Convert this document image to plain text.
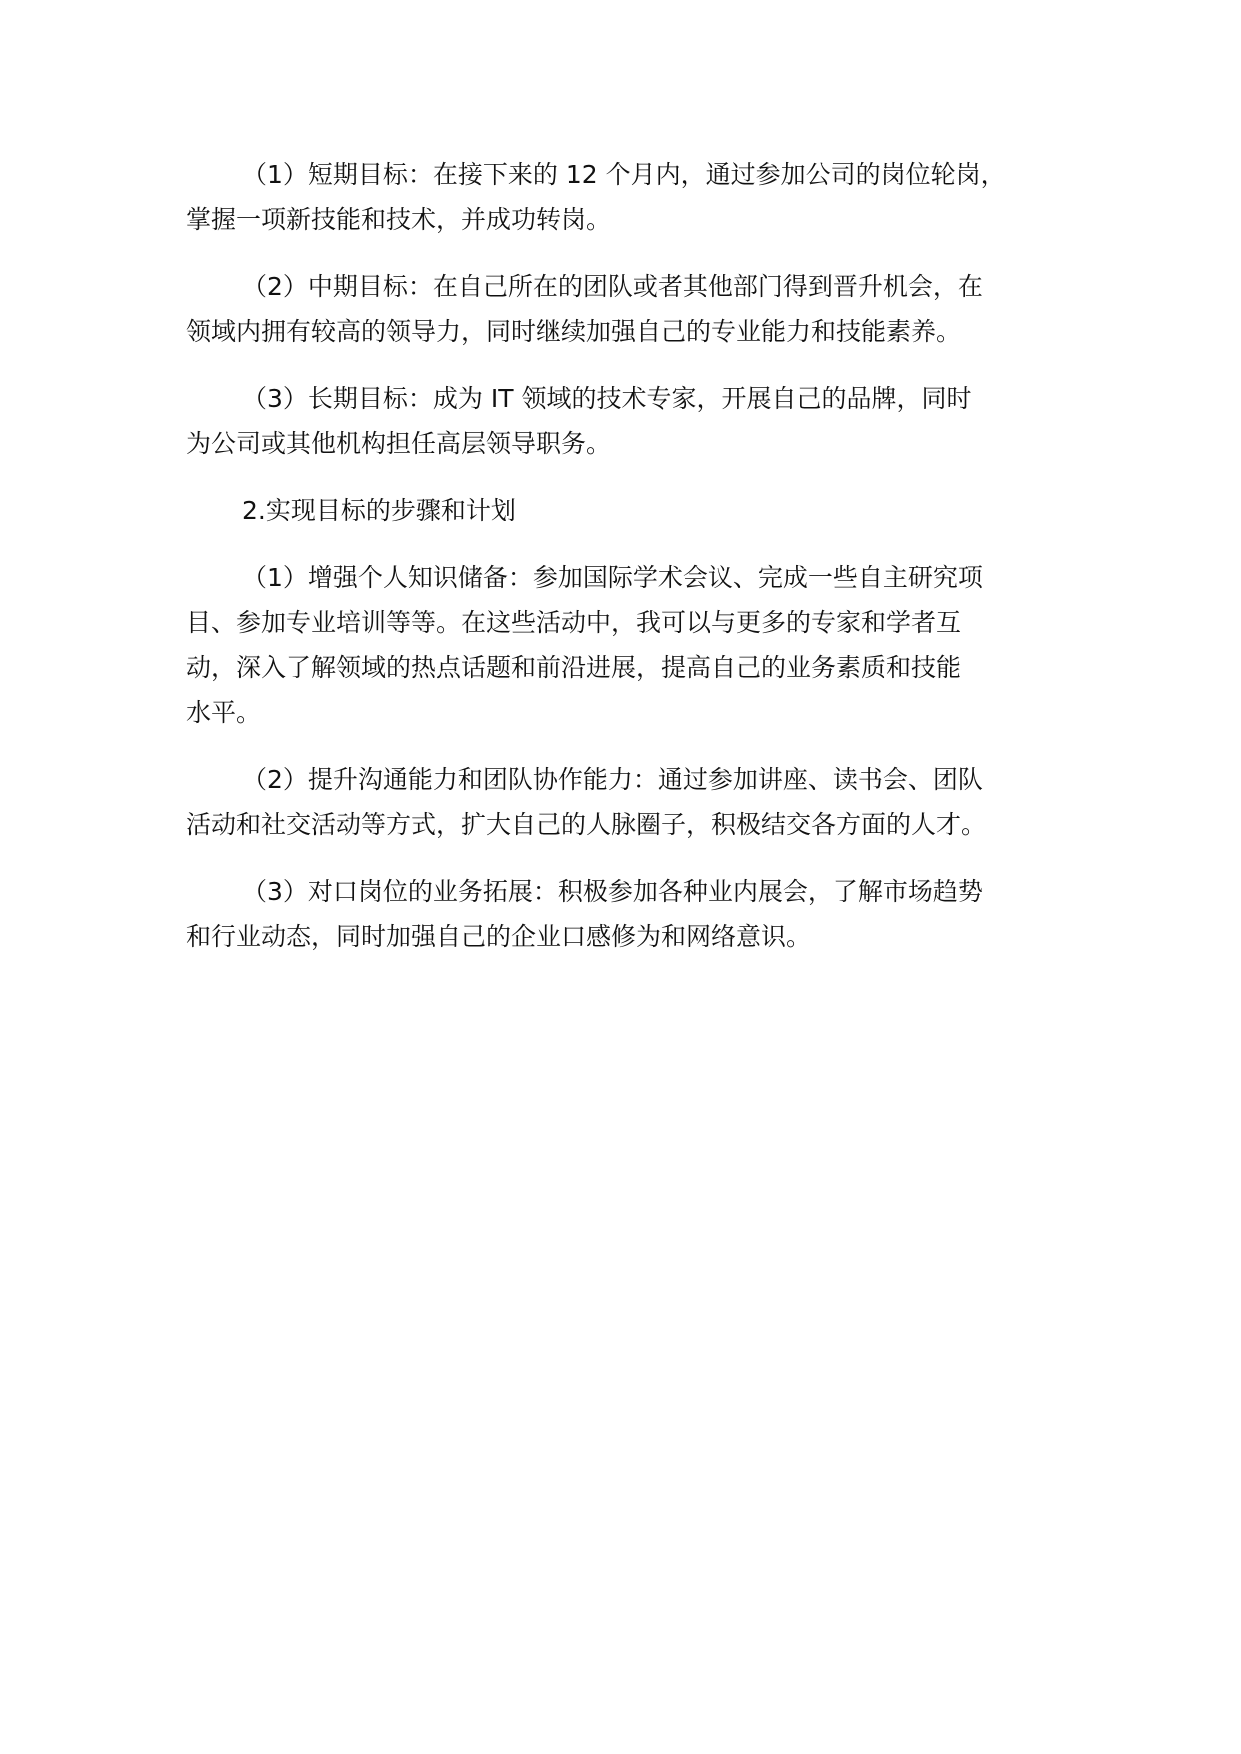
（1）短期目标：在接下来的 12 个月内，通过参加公司的岗位轮岗，
掌握一项新技能和技术，并成功转岗。

（2）中期目标：在自己所在的团队或者其他部门得到晋升机会，在
领域内拥有较高的领导力，同时继续加强自己的专业能力和技能素养。

（3）长期目标：成为 IT 领域的技术专家，开展自己的品牌，同时
为公司或其他机构担任高层领导职务。

2.实现目标的步骤和计划

（1）增强个人知识储备：参加国际学术会议、完成一些自主研究项
目、参加专业培训等等。在这些活动中，我可以与更多的专家和学者互
动，深入了解领域的热点话题和前沿进展，提高自己的业务素质和技能
水平。

（2）提升沟通能力和团队协作能力：通过参加讲座、读书会、团队
活动和社交活动等方式，扩大自己的人脉圈子，积极结交各方面的人才。

（3）对口岗位的业务拓展：积极参加各种业内展会，了解市场趋势
和行业动态，同时加强自己的企业口感修为和网络意识。
